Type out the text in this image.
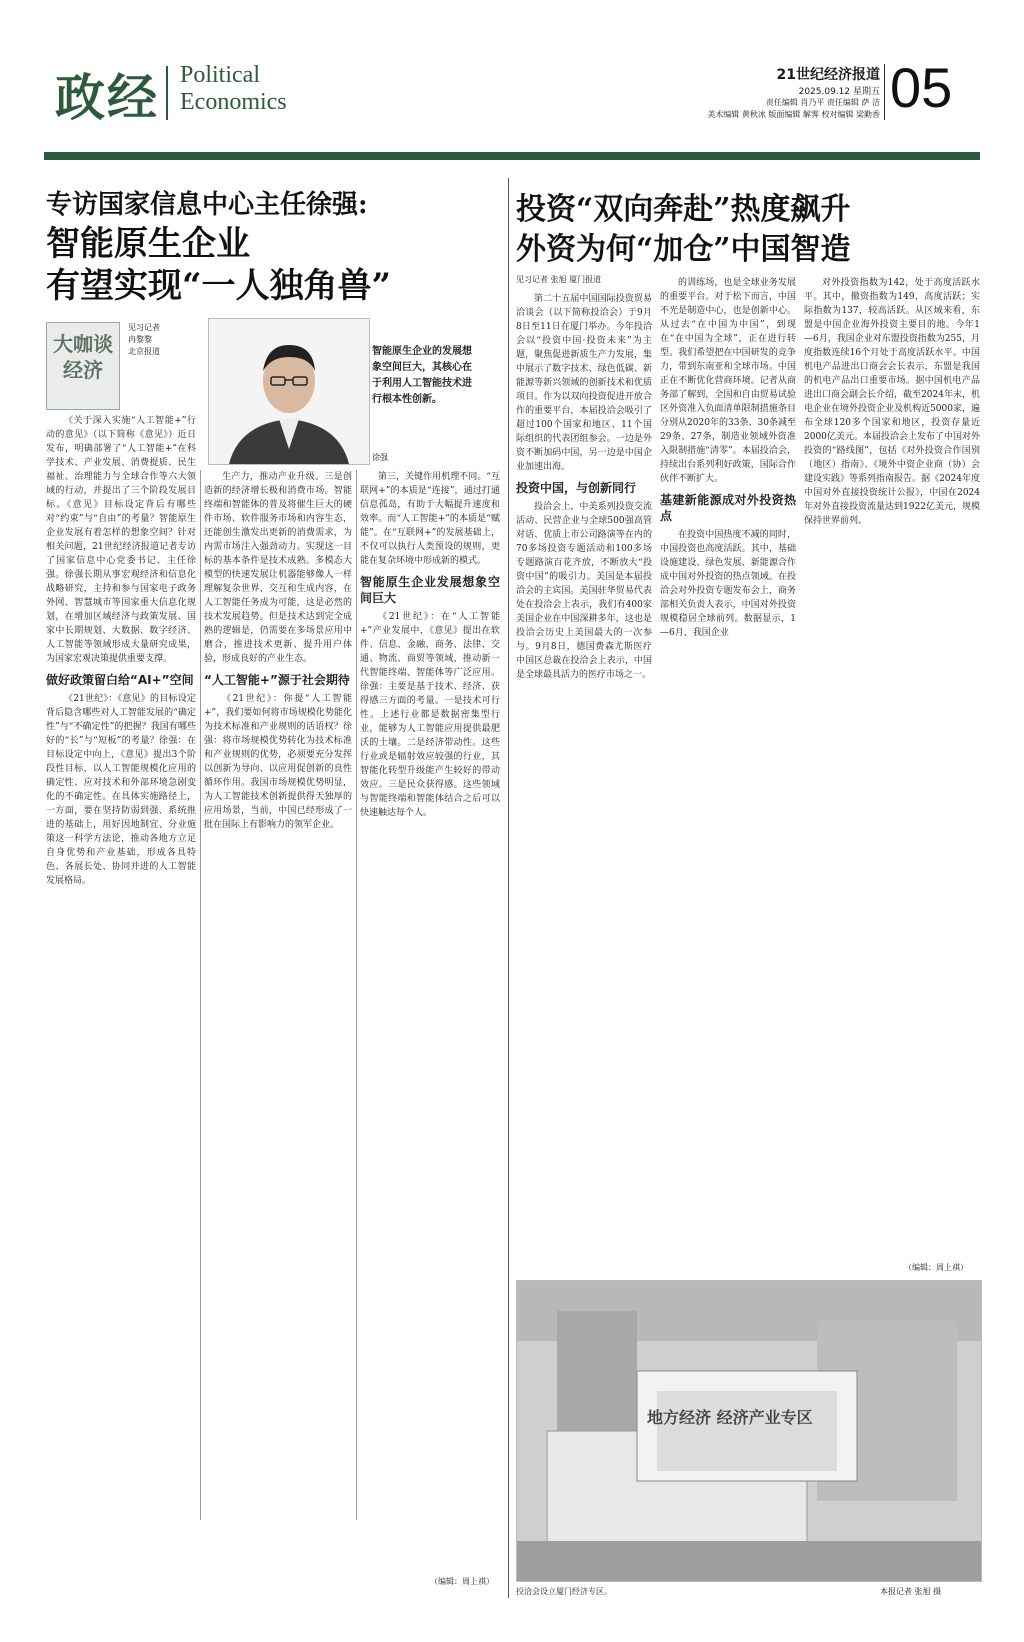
政经 Political
Economics
21世纪经济报道
2025.09.12 星期五
责任编辑 肖乃平 责任编辑 萨 洁
美术编辑 黄秋冰 版面编辑 解霁 校对编辑 梁勤香 05
专访国家信息中心主任徐强:
智能原生企业
有望实现“一人独角兽”
大咖谈经济
见习记者
冉黎黎
北京报道	智能原生企业的发展想象空间巨大，其核心在于利用人工智能技术进行根本性创新。
徐强

《关于深入实施“人工智能+”行动的意见》（以下简称《意见》）近日发布，明确部署了“人工智能+”在科学技术、产业发展、消费提质、民生福祉、治理能力与全球合作等六大领域的行动，并提出了三个阶段发展目标。《意见》目标设定背后有哪些对“约束”与“自由”的考量？智能原生企业发展有着怎样的想象空间？针对相关问题，21世纪经济报道记者专访了国家信息中心党委书记、主任徐强。徐强长期从事宏观经济和信息化战略研究，主持和参与国家电子政务外网、智慧城市等国家重大信息化规划，在增加区域经济与政策发展、国家中长期规划、大数据、数字经济、人工智能等领域形成大量研究成果，为国家宏观决策提供重要支撑。

做好政策留白给“AI+”空间

《21世纪》：《意见》的目标设定背后隐含哪些对人工智能发展的“确定性”与“不确定性”的把握？我国有哪些好的“长”与“短板”的考量？徐强：在目标设定中向上，《意见》提出3个阶段性目标，以人工智能规模化应用的确定性、应对技术和外部环境急剧变化的不确定性。在具体实施路径上，一方面，要在坚持防弱到强、系统推进的基础上，用好因地制宜、分业施策这一科学方法论，推动各地方立足自身优势和产业基础，形成各具特色、各展长处、协同并进的人工智能发展格局。

生产力，推动产业升级。三是创造新的经济增长极和消费市场。智能终端和智能体的普及将催生巨大的硬件市场、软件服务市场和内容生态，还能创生激发出更新的消费需求，为内需市场注入强劲动力。实现这一目标的基本条件是技术成熟。多模态大模型的快速发展让机器能够像人一样理解复杂世界、交互和生成内容，在人工智能任务成为可能，这是必然的技术发展趋势。但是技术达到完全成熟的逻辑是，仍需要在多场景应用中磨合，推进技术更新、提升用户体验，形成良好的产业生态。

“人工智能+”源于社会期待

《21世纪》：你提“人工智能+”，我们要如何将市场规模化势能化为技术标准和产业规则的话语权？徐强：将市场规模优势转化为技术标准和产业规则的优势，必须要充分发挥以创新为导向、以应用促创新的良性循环作用。我国市场规模优势明显，为人工智能技术创新提供得天独厚的应用场景，当前，中国已经形成了一批在国际上有影响力的领军企业。

第三，关键作用机理不同。“互联网+”的本质是“连接”，通过打通信息孤岛，有助于大幅提升速度和效率。而“人工智能+”的本质是“赋能”。在“互联网+”的发展基础上，不仅可以执行人类预设的规则，更能在复杂环境中形成新的模式。

智能原生企业发展想象空间巨大

《21世纪》：在“人工智能+”产业发展中，《意见》提出在软件、信息、金融、商务、法律、交通、物流、商贸等领域，推动新一代智能终端、智能体等广泛应用。徐强：主要是基于技术、经济、获得感三方面的考量。一是技术可行性。上述行业都是数据密集型行业，能够为人工智能应用提供最肥沃的土壤。二是经济带动性。这些行业或是辐射效应较强的行业，其智能化转型升级能产生较好的带动效应。三是民众获得感。这些领域与智能终端和智能体结合之后可以快速触达每个人。

（编辑：周上祺）
投资“双向奔赴”热度飙升
外资为何“加仓”中国智造
见习记者 张旭 厦门报道

第二十五届中国国际投资贸易洽谈会（以下简称投洽会）于9月8日至11日在厦门举办。今年投洽会以“投资中国·投资未来”为主题，聚焦促进新质生产力发展，集中展示了数字技术、绿色低碳、新能源等新兴领域的创新技术和优质项目。作为以双向投资促进开放合作的重要平台，本届投洽会吸引了超过100个国家和地区、11个国际组织的代表团组参会。一边是外资不断加码中国，另一边是中国企业加速出海。

投资中国，与创新同行

投洽会上，中美系列投资交流活动、民营企业与全球500强高管对话、优质上市公司路演等在内的70多场投资专题活动和100多场专题路演百花齐放，不断放大“投资中国”的吸引力。美国是本届投洽会的主宾国。美国驻华贸易代表处在投洽会上表示，我们有400家美国企业在中国深耕多年，这也是投洽会历史上美国最大的一次参与。9月8日，德国费森尤斯医疗中国区总裁在投洽会上表示，中国是全球最具活力的医疗市场之一。

的训练场，也是全球业务发展的重要平台。对于松下而言，中国不光是制造中心，也是创新中心。从过去“在中国为中国”，到现在“在中国为全球”，正在进行转型。我们希望把在中国研发的竞争力，带到东南亚和全球市场。中国正在不断优化营商环境。记者从商务部了解到，全国和自由贸易试验区外资准入负面清单限制措施条目分别从2020年的33条、30条减至29条、27条，制造业领域外资准入限制措施“清零”。本届投洽会，持续出台系列利好政策，国际合作伙伴不断扩大。

基建新能源成对外投资热点

在投资中国热度不减的同时，中国投资也高度活跃。其中，基础设施建设、绿色发展、新能源合作成中国对外投资的热点领域。在投洽会对外投资专题发布会上，商务部相关负责人表示，中国对外投资规模稳居全球前列。数据显示，1—6月，我国企业

对外投资指数为142，处于高度活跃水平。其中，撤资指数为149，高度活跃；实际指数为137，较高活跃。从区域来看，东盟是中国企业海外投资主要目的地。今年1—6月，我国企业对东盟投资指数为255，月度指数连续16个月处于高度活跃水平。中国机电产品进出口商会会长表示，东盟是我国的机电产品出口重要市场。据中国机电产品进出口商会副会长介绍，截至2024年末，机电企业在境外投资企业及机构近5000家，遍布全球120多个国家和地区，投资存量近2000亿美元。本届投洽会上发布了中国对外投资的“路线图”，包括《对外投资合作国别（地区）指南》、《境外中资企业商（协）会建设实践》等系列指南报告。据《2024年度中国对外直接投资统计公报》，中国在2024年对外直接投资流量达到1922亿美元，规模保持世界前列。

（编辑：周上祺）
地方经济 经济产业专区
投洽会设立厦门经济专区。	本报记者 张旭 摄
